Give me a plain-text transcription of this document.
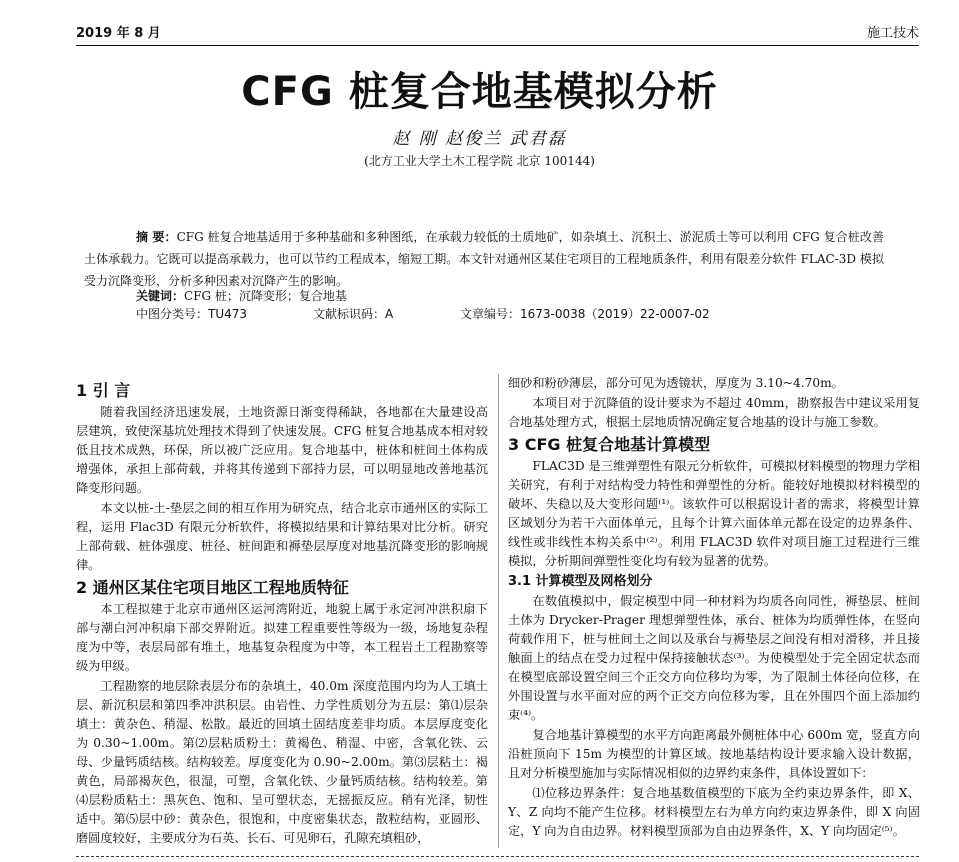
2019 年 8 月	施工技术
CFG 桩复合地基模拟分析
赵 刚 赵俊兰 武君磊
(北方工业大学土木工程学院 北京 100144)

摘 要：CFG 桩复合地基适用于多种基础和多种图纸，在承载力较低的土质地矿，如杂填土、沉积土、淤泥质土等可以利用 CFG 复合桩改善土体承载力。它既可以提高承载力，也可以节约工程成本，缩短工期。本文针对通州区某住宅项目的工程地质条件，利用有限差分软件 FLAC-3D 模拟受力沉降变形，分析多种因素对沉降产生的影响。

关键词：CFG 桩；沉降变形；复合地基
中图分类号：TU473	文献标识码：A	文章编号：1673-0038（2019）22-0007-02
1 引 言

随着我国经济迅速发展，土地资源日渐变得稀缺，各地都在大量建设高层建筑，致使深基坑处理技术得到了快速发展。CFG 桩复合地基成本相对较低且技术成熟，环保，所以被广泛应用。复合地基中，桩体和桩间土体构成增强体，承担上部荷载，并将其传递到下部持力层，可以明显地改善地基沉降变形问题。

本文以桩-土-垫层之间的相互作用为研究点，结合北京市通州区的实际工程，运用 Flac3D 有限元分析软件，将模拟结果和计算结果对比分析。研究上部荷载、桩体强度、桩径、桩间距和褥垫层厚度对地基沉降变形的影响规律。

2 通州区某住宅项目地区工程地质特征

本工程拟建于北京市通州区运河湾附近，地貌上属于永定河冲洪积扇下部与潮白河冲积扇下部交界附近。拟建工程重要性等级为一级，场地复杂程度为中等，表层局部有堆土，地基复杂程度为中等，本工程岩土工程勘察等级为甲级。

工程勘察的地层除表层分布的杂填土，40.0m 深度范围内均为人工填土层、新沉积层和第四季冲洪积层。由岩性、力学性质划分为五层：第⑴层杂填土：黄杂色、稍湿、松散。最近的回填土固结度差非均质。本层厚度变化为 0.30~1.00m。第⑵层粘质粉土：黄褐色、稍湿、中密，含氧化铁、云母、少量钙质结核。结构较差。厚度变化为 0.90~2.00m。第⑶层粘土：褐黄色，局部褐灰色，很湿，可塑，含氧化铁、少量钙质结核。结构较差。第⑷层粉质粘土：黑灰色、饱和、呈可塑状态，无摇振反应。稍有光泽，韧性适中。第⑸层中砂：黄杂色，很饱和，中度密集状态，散粒结构，亚圆形、磨圆度较好，主要成分为石英、长石、可见卵石，孔隙充填粗砂，

细砂和粉砂薄层，部分可见为透镜状，厚度为 3.10~4.70m。

本项目对于沉降值的设计要求为不超过 40mm，勘察报告中建议采用复合地基处理方式，根据土层地质情况确定复合地基的设计与施工参数。

3 CFG 桩复合地基计算模型

FLAC3D 是三维弹塑性有限元分析软件，可模拟材料模型的物理力学相关研究，有利于对结构受力特性和弹塑性的分析。能较好地模拟材料模型的破坏、失稳以及大变形问题⁽¹⁾。该软件可以根据设计者的需求，将模型计算区域划分为若干六面体单元，且每个计算六面体单元都在设定的边界条件、线性或非线性本构关系中⁽²⁾。利用 FLAC3D 软件对项目施工过程进行三维模拟，分析期间弹塑性变化均有较为显著的优势。

3.1 计算模型及网格划分

在数值模拟中，假定模型中同一种材料为均质各向同性，褥垫层、桩间土体为 Drycker-Prager 理想弹塑性体，承台、桩体为均质弹性体，在竖向荷载作用下，桩与桩间土之间以及承台与褥垫层之间没有相对滑移，并且接触面上的结点在受力过程中保持接触状态⁽³⁾。为使模型处于完全固定状态而在模型底部设置空间三个正交方向位移均为零，为了限制土体径向位移，在外围设置与水平面对应的两个正交方向位移为零，且在外围四个面上添加约束⁽⁴⁾。

复合地基计算模型的水平方向距离最外侧桩体中心 600m 宽，竖直方向沿桩顶向下 15m 为模型的计算区域。按地基结构设计要求输入设计数据，且对分析模型施加与实际情况相似的边界约束条件，具体设置如下：

⑴位移边界条件：复合地基数值模型的下底为全约束边界条件，即 X、Y、Z 向均不能产生位移。材料模型左右为单方向约束边界条件，即 X 向固定，Y 向为自由边界。材料模型顶部为自由边界条件，X、Y 向均固定⁽⁵⁾。
